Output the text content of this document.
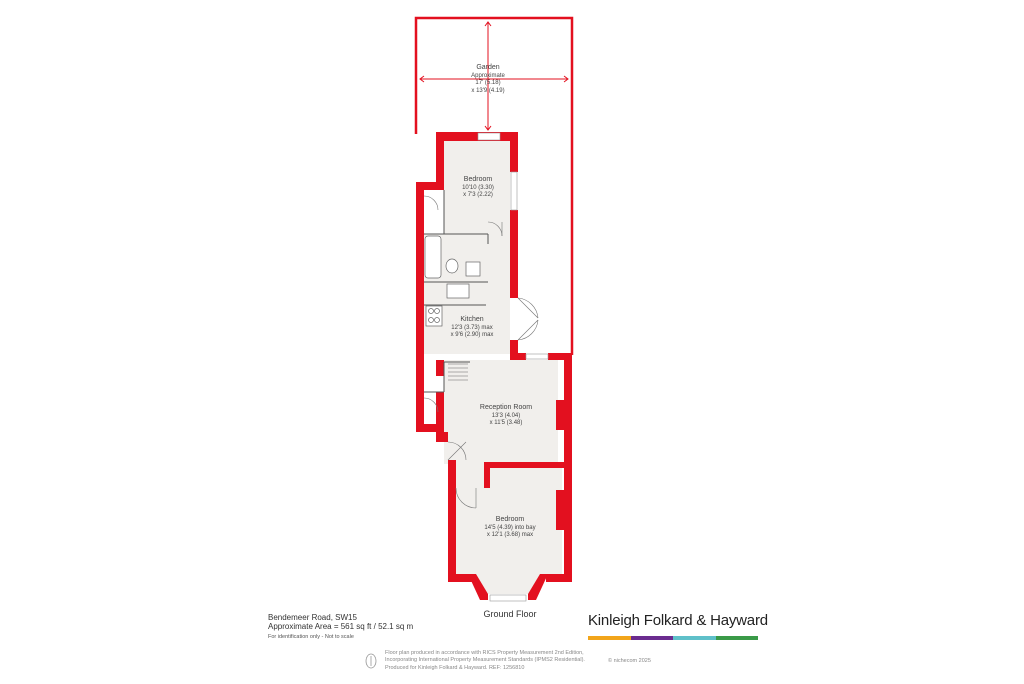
Garden
Approximate
17' (5.18)
x 13'9 (4.19)
Bedroom
10'10 (3.30)
x 7'3 (2.22)
Kitchen
12'3 (3.73) max
x 9'6 (2.90) max
Reception Room
13'3 (4.04)
x 11'5 (3.48)
Bedroom
14'5 (4.39) into bay
x 12'1 (3.68) max
Ground Floor
Bendemeer Road, SW15
Approximate Area = 561 sq ft / 52.1 sq m
For identification only - Not to scale
Kinleigh Folkard & Hayward
Floor plan produced in accordance with RICS Property Measurement 2nd Edition,
Incorporating International Property Measurement Standards (IPMS2 Residential).
Produced for Kinleigh Folkard & Hayward. REF: 1256810
© nichecom 2025
